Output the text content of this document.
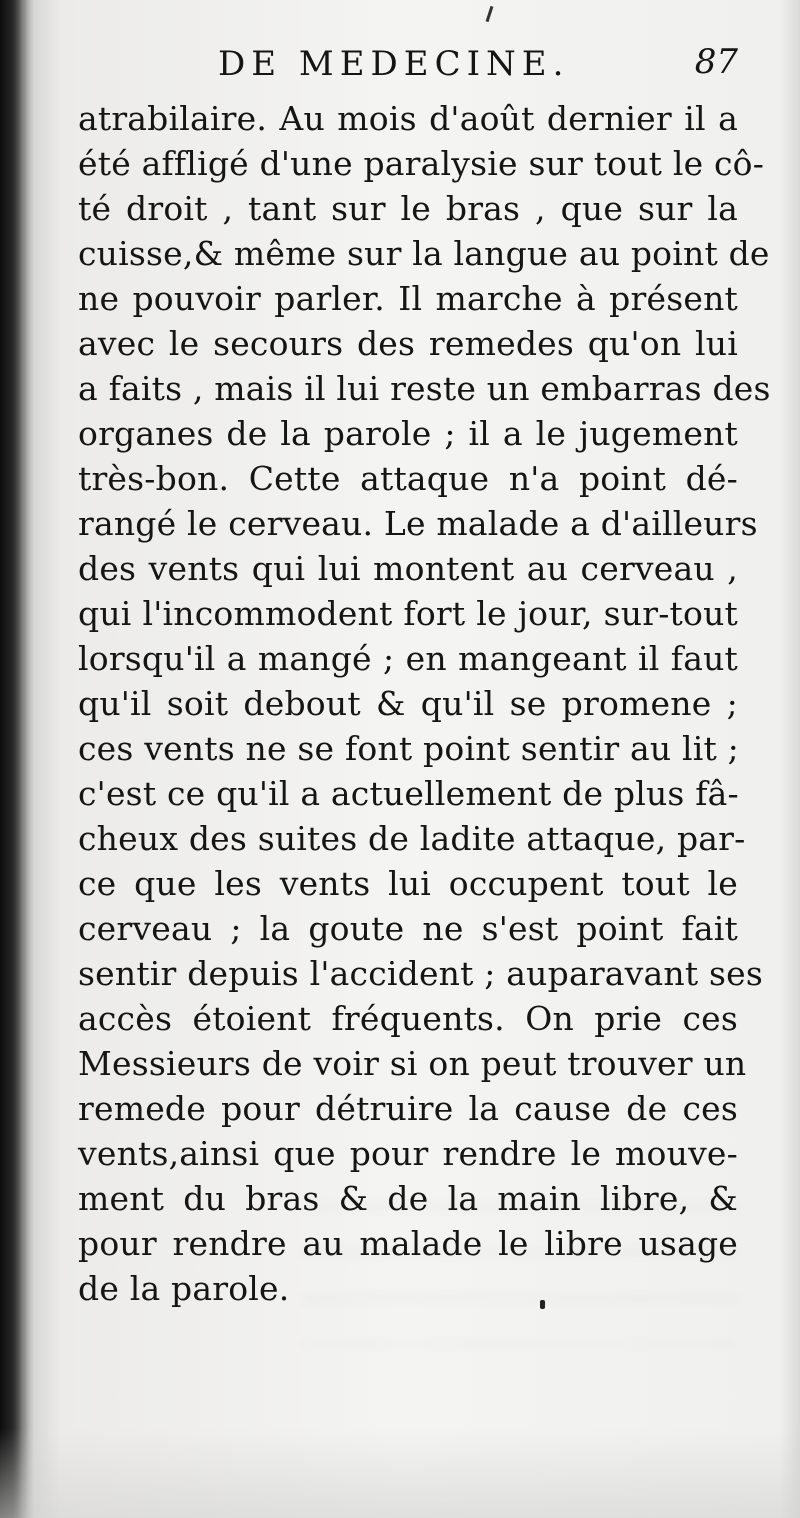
DE MEDECINE.	87
atrabilaire. Au mois d'août dernier il a
été affligé d'une paralysie sur tout le cô-
té droit , tant sur le bras , que sur la
cuisse,& même sur la langue au point de
ne pouvoir parler. Il marche à présent
avec le secours des remedes qu'on lui
a faits , mais il lui reste un embarras des
organes de la parole ; il a le jugement
très-bon. Cette attaque n'a point dé-
rangé le cerveau. Le malade a d'ailleurs
des vents qui lui montent au cerveau ,
qui l'incommodent fort le jour, sur-tout
lorsqu'il a mangé ; en mangeant il faut
qu'il soit debout & qu'il se promene ;
ces vents ne se font point sentir au lit ;
c'est ce qu'il a actuellement de plus fâ-
cheux des suites de ladite attaque, par-
ce que les vents lui occupent tout le
cerveau ; la goute ne s'est point fait
sentir depuis l'accident ; auparavant ses
accès étoient fréquents. On prie ces
Messieurs de voir si on peut trouver un
remede pour détruire la cause de ces
vents,ainsi que pour rendre le mouve-
ment du bras & de la main libre, &
pour rendre au malade le libre usage
de la parole.
